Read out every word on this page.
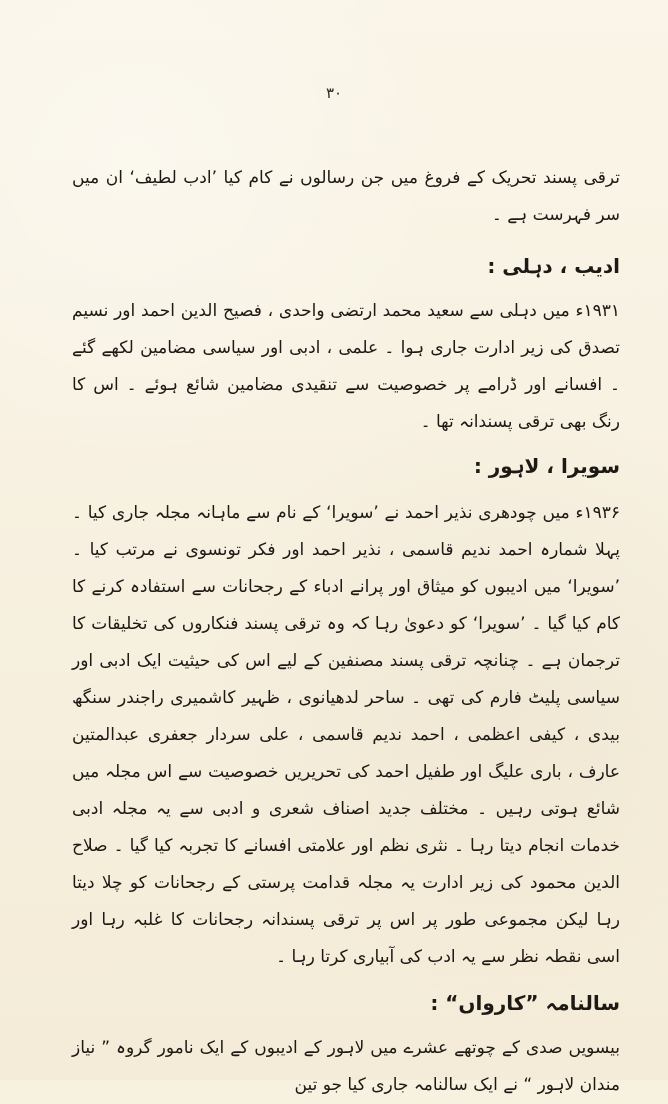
۳۰

ترقی پسند تحریک کے فروغ میں جن رسالوں نے کام کیا ’ادب لطیف‘ ان میں سر فہرست ہے ۔

ادیب ، دہلی :

۱۹۳۱ء میں دہلی سے سعید محمد ارتضی واحدی ، فصیح الدین احمد اور نسیم تصدق کی زیر ادارت جاری ہوا ۔ علمی ، ادبی اور سیاسی مضامین لکھے گئے ۔ افسانے اور ڈرامے پر خصوصیت سے تنقیدی مضامین شائع ہوئے ۔ اس کا رنگ بھی ترقی پسندانہ تھا ۔

سویرا ، لاہور :

۱۹۳۶ء میں چودھری نذیر احمد نے ’سویرا‘ کے نام سے ماہانہ مجلہ جاری کیا ۔ پہلا شمارہ احمد ندیم قاسمی ، نذیر احمد اور فکر تونسوی نے مرتب کیا ۔ ’سویرا‘ میں ادیبوں کو میثاق اور پرانے ادباء کے رجحانات سے استفادہ کرنے کا کام کیا گیا ۔ ’سویرا‘ کو دعویٰ رہا کہ وہ ترقی پسند فنکاروں کی تخلیقات کا ترجمان ہے ۔ چنانچہ ترقی پسند مصنفین کے لیے اس کی حیثیت ایک ادبی اور سیاسی پلیٹ فارم کی تھی ۔ ساحر لدھیانوی ، ظہیر کاشمیری راجندر سنگھ بیدی ، کیفی اعظمی ، احمد ندیم قاسمی ، علی سردار جعفری عبدالمتین عارف ، باری علیگ اور طفیل احمد کی تحریریں خصوصیت سے اس مجلہ میں شائع ہوتی رہیں ۔ مختلف جدید اصناف شعری و ادبی سے یہ مجلہ ادبی خدمات انجام دیتا رہا ۔ نثری نظم اور علامتی افسانے کا تجربہ کیا گیا ۔ صلاح الدین محمود کی زیر ادارت یہ مجلہ قدامت پرستی کے رجحانات کو چلا دیتا رہا لیکن مجموعی طور پر اس پر ترقی پسندانہ رجحانات کا غلبہ رہا اور اسی نقطہ نظر سے یہ ادب کی آبیاری کرتا رہا ۔

سالنامہ ”کارواں“ :

بیسویں صدی کے چوتھے عشرے میں لاہور کے ادیبوں کے ایک نامور گروہ ” نیاز مندان لاہور “ نے ایک سالنامہ جاری کیا جو تین
